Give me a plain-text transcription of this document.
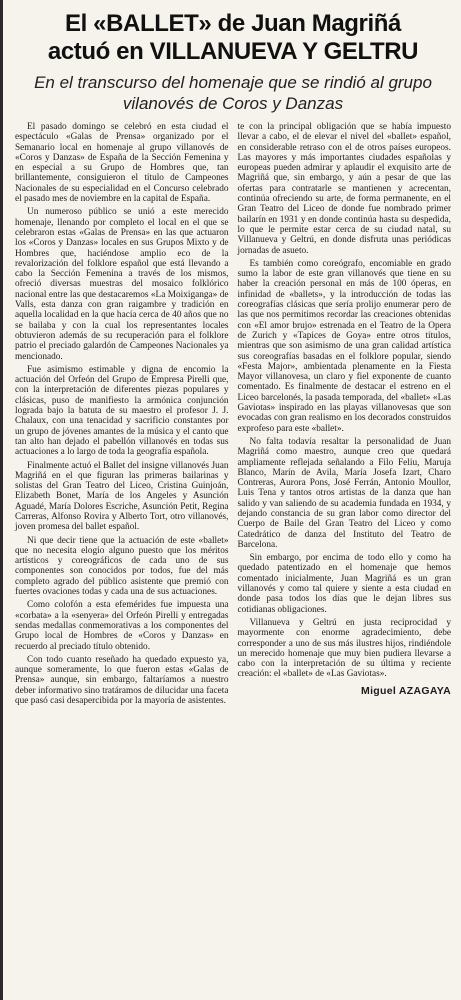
El «BALLET» de Juan Magriñá
actuó en VILLANUEVA Y GELTRU
En el transcurso del homenaje que se rindió al grupo vilanovés de Coros y Danzas

El pasado domingo se celebró en esta ciudad el espectáculo «Galas de Prensa» organizado por el Semanario local en homenaje al grupo villanovés de «Coros y Danzas» de España de la Sección Femenina y en especial a su Grupo de Hombres que, tan brillantemente, consiguieron el título de Campeones Nacionales de su especialidad en el Concurso celebrado el pasado mes de noviembre en la capital de España.

Un numeroso público se unió a este merecido homenaje, llenando por completo el local en el que se celebraron estas «Galas de Prensa» en las que actuaron los «Coros y Danzas» locales en sus Grupos Mixto y de Hombres que, haciéndose amplio eco de la revalorización del folklore español que está llevando a cabo la Sección Femenina a través de los mismos, ofreció diversas muestras del mosaico folklórico nacional entre las que destacaremos «La Moixiganga» de Valls, esta danza con gran raigambre y tradición en aquella localidad en la que hacía cerca de 40 años que no se bailaba y con la cual los representantes locales obtuvieron además de su recuperación para el folklore patrio el preciado galardón de Campeones Nacionales ya mencionado.

Fue asimismo estimable y digna de encomio la actuación del Orfeón del Grupo de Empresa Pirelli que, con la interpretación de diferentes piezas populares y clásicas, puso de manifiesto la armónica conjunción lograda bajo la batuta de su maestro el profesor J. J. Chalaux, con una tenacidad y sacrificio constantes por un grupo de jóvenes amantes de la música y el canto que tan alto han dejado el pabellón villanovés en todas sus actuaciones a lo largo de toda la geografía española.

Finalmente actuó el Ballet del insigne villanovés Juan Magriñá en el que figuran las primeras bailarinas y solistas del Gran Teatro del Liceo, Cristina Guinjoán, Elizabeth Bonet, María de los Angeles y Asunción Aguadé, María Dolores Escriche, Asunción Petit, Regina Carreras, Alfonso Rovira y Alberto Tort, otro villanovés, joven promesa del ballet español.

Ni que decir tiene que la actuación de este «ballet» que no necesita elogio alguno puesto que los méritos artísticos y coreográficos de cada uno de sus componentes son conocidos por todos, fue del más completo agrado del público asistente que premió con fuertes ovaciones todas y cada una de sus actuaciones.

Como colofón a esta efemérides fue impuesta una «corbata» a la «senyera» del Orfeón Pirelli y entregadas sendas medallas conmemorativas a los componentes del Grupo local de Hombres de «Coros y Danzas» en recuerdo al preciado título obtenido.

Con todo cuanto reseñado ha quedado expuesto ya, aunque someramente, lo que fueron estas «Galas de Prensa» aunque, sin embargo, faltaríamos a nuestro deber informativo sino tratáramos de dilucidar una faceta que pasó casi desapercibida por la mayoría de asistentes.

te con la principal obligación que se había impuesto llevar a cabo, el de elevar el nivel del «ballet» español, en considerable retraso con el de otros países europeos. Las mayores y más importantes ciudades españolas y europeas pueden admirar y aplaudir el exquisito arte de Magriñá que, sin embargo, y aún a pesar de que las ofertas para contratarle se mantienen y acrecentan, continúa ofreciendo su arte, de forma permanente, en el Gran Teatro del Liceo de donde fue nombrado primer bailarín en 1931 y en donde continúa hasta su despedida, lo que le permite estar cerca de su ciudad natal, su Villanueva y Geltrú, en donde disfruta unas periódicas jornadas de asueto.

Es también como coreógrafo, encomiable en grado sumo la labor de este gran villanovés que tiene en su haber la creación personal en más de 100 óperas, en infinidad de «ballets», y la introducción de todas las coreografías clásicas que sería prolijo enumerar pero de las que nos permitimos recordar las creaciones obtenidas con «El amor brujo» estrenada en el Teatro de la Opera de Zurich y «Tapices de Goya» entre otros títulos, mientras que son asimismo de una gran calidad artística sus coreografías basadas en el folklore popular, siendo «Festa Major», ambientada plenamente en la Fiesta Mayor villanovesa, un claro y fiel exponente de cuanto comentado. Es finalmente de destacar el estreno en el Liceo barcelonés, la pasada temporada, del «ballet» «Las Gaviotas» inspirado en las playas villanovesas que son evocadas con gran realismo en los decorados construidos exprofeso para este «ballet».

No falta todavía resaltar la personalidad de Juan Magriñá como maestro, aunque creo que quedará ampliamente reflejada señalando a Filo Feliu, Maruja Blanco, Marín de Avila, María Josefa Izart, Charo Contreras, Aurora Pons, José Ferrán, Antonio Moullor, Luis Tena y tantos otros artistas de la danza que han salido y van saliendo de su academia fundada en 1934, y dejando constancia de su gran labor como director del Cuerpo de Baile del Gran Teatro del Liceo y como Catedrático de danza del Instituto del Teatro de Barcelona.

Sin embargo, por encima de todo ello y como ha quedado patentizado en el homenaje que hemos comentado inicialmente, Juan Magriñá es un gran villanovés y como tal quiere y siente a esta ciudad en donde pasa todos los días que le dejan libres sus cotidianas obligaciones.

Villanueva y Geltrú en justa reciprocidad y mayormente con enorme agradecimiento, debe corresponder a uno de sus más ilustres hijos, rindiéndole un merecido homenaje que muy bien pudiera llevarse a cabo con la interpretación de su última y reciente creación: el «ballet» de «Las Gaviotas».

Miguel AZAGAYA
